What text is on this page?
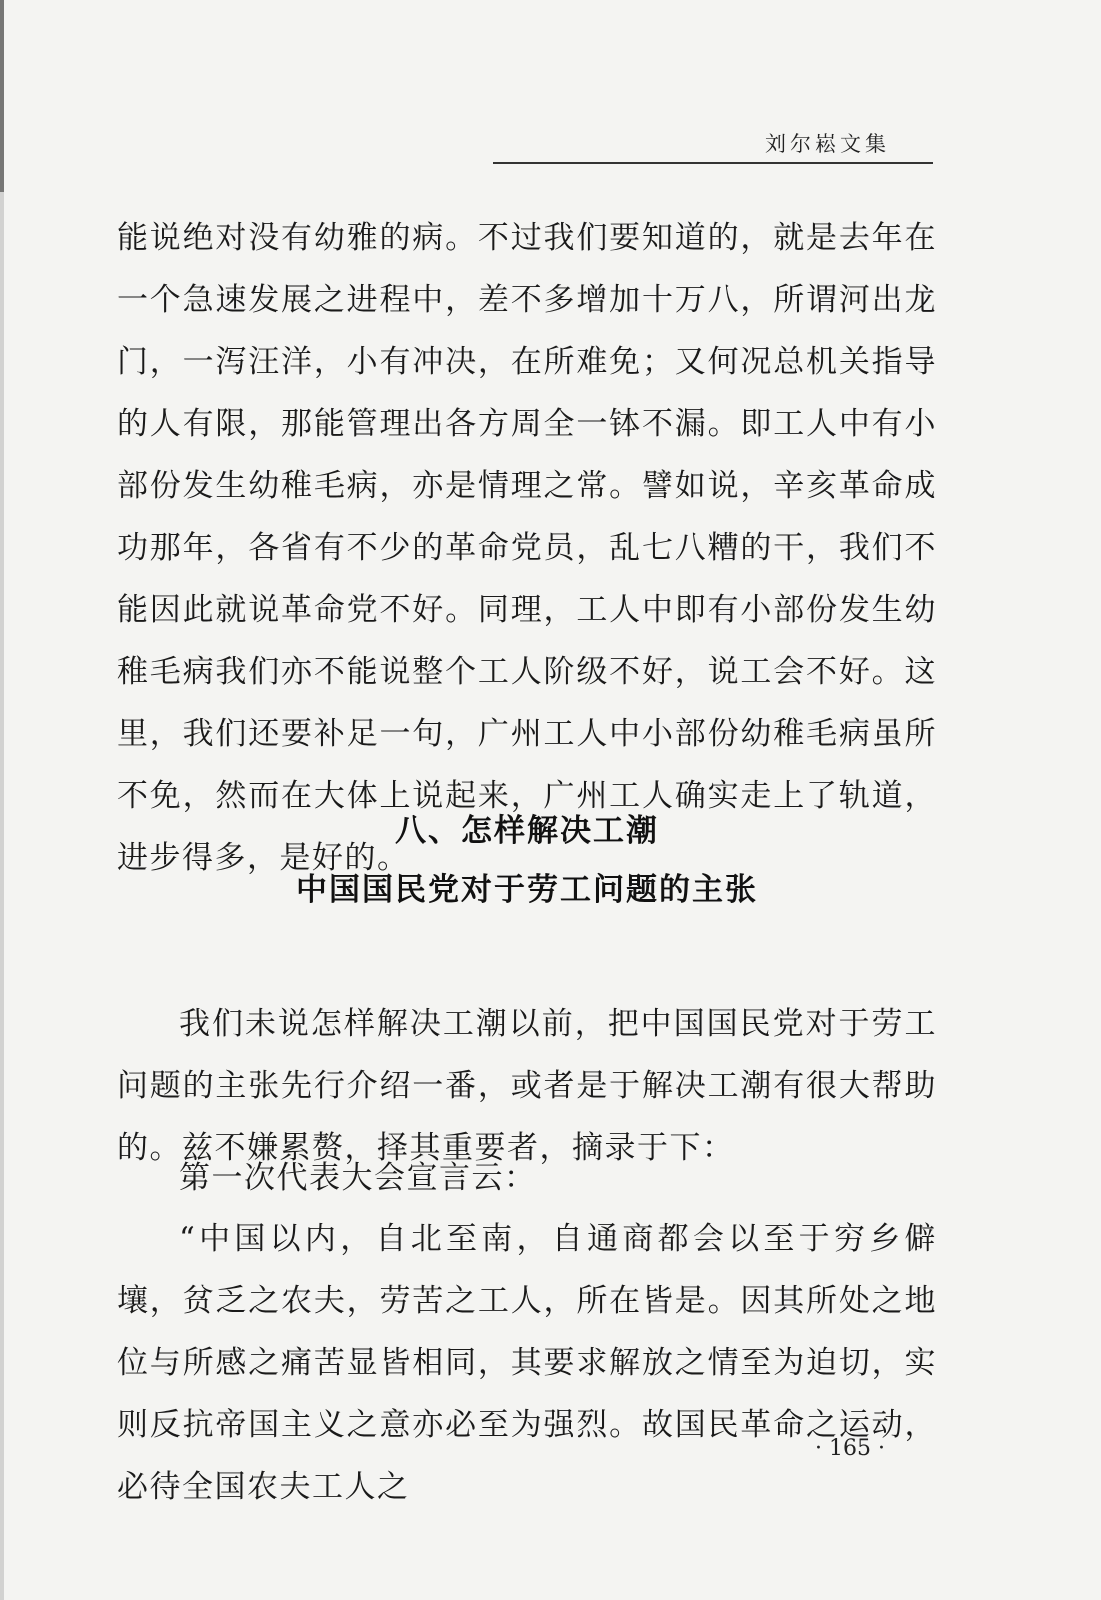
刘尔崧文集

能说绝对没有幼雅的病。不过我们要知道的，就是去年在一个急速发展之进程中，差不多增加十万八，所谓河出龙门，一泻汪洋，小有冲决，在所难免；又何况总机关指导的人有限，那能管理出各方周全一钵不漏。即工人中有小部份发生幼稚毛病，亦是情理之常。譬如说，辛亥革命成功那年，各省有不少的革命党员，乱七八糟的干，我们不能因此就说革命党不好。同理，工人中即有小部份发生幼稚毛病我们亦不能说整个工人阶级不好，说工会不好。这里，我们还要补足一句，广州工人中小部份幼稚毛病虽所不免，然而在大体上说起来，广州工人确实走上了轨道，进步得多，是好的。

八、怎样解决工潮
中国国民党对于劳工问题的主张

我们未说怎样解决工潮以前，把中国国民党对于劳工问题的主张先行介绍一番，或者是于解决工潮有很大帮助的。兹不嫌累赘，择其重要者，摘录于下：

第一次代表大会宣言云：

“中国以内，自北至南，自通商都会以至于穷乡僻壤，贫乏之农夫，劳苦之工人，所在皆是。因其所处之地位与所感之痛苦显皆相同，其要求解放之情至为迫切，实则反抗帝国主义之意亦必至为强烈。故国民革命之运动，必待全国农夫工人之

· 165 ·
